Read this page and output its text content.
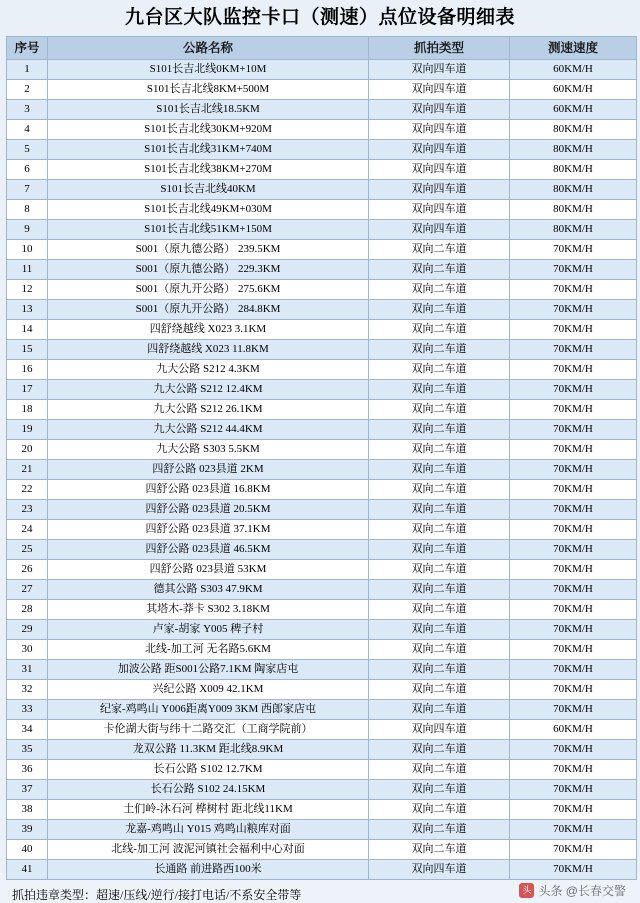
九台区大队监控卡口（测速）点位设备明细表
序号	公路名称	抓拍类型	测速速度
1	S101长吉北线0KM+10M	双向四车道	60KM/H
2	S101长吉北线8KM+500M	双向四车道	60KM/H
3	S101长吉北线18.5KM	双向四车道	60KM/H
4	S101长吉北线30KM+920M	双向四车道	80KM/H
5	S101长吉北线31KM+740M	双向四车道	80KM/H
6	S101长吉北线38KM+270M	双向四车道	80KM/H
7	S101长吉北线40KM	双向四车道	80KM/H
8	S101长吉北线49KM+030M	双向四车道	80KM/H
9	S101长吉北线51KM+150M	双向四车道	80KM/H
10	S001（原九德公路） 239.5KM	双向二车道	70KM/H
11	S001（原九德公路） 229.3KM	双向二车道	70KM/H
12	S001（原九开公路） 275.6KM	双向二车道	70KM/H
13	S001（原九开公路） 284.8KM	双向二车道	70KM/H
14	四舒绕越线 X023 3.1KM	双向二车道	70KM/H
15	四舒绕越线 X023 11.8KM	双向二车道	70KM/H
16	九大公路 S212 4.3KM	双向二车道	70KM/H
17	九大公路 S212 12.4KM	双向二车道	70KM/H
18	九大公路 S212 26.1KM	双向二车道	70KM/H
19	九大公路 S212 44.4KM	双向二车道	70KM/H
20	九大公路 S303 5.5KM	双向二车道	70KM/H
21	四舒公路 023县道 2KM	双向二车道	70KM/H
22	四舒公路 023县道 16.8KM	双向二车道	70KM/H
23	四舒公路 023县道 20.5KM	双向二车道	70KM/H
24	四舒公路 023县道 37.1KM	双向二车道	70KM/H
25	四舒公路 023县道 46.5KM	双向二车道	70KM/H
26	四舒公路 023县道 53KM	双向二车道	70KM/H
27	德其公路 S303 47.9KM	双向二车道	70KM/H
28	其塔木-莽卡 S302 3.18KM	双向二车道	70KM/H
29	卢家-胡家 Y005 稗子村	双向二车道	70KM/H
30	北线-加工河 无名路5.6KM	双向二车道	70KM/H
31	加波公路 距S001公路7.1KM 陶家店屯	双向二车道	70KM/H
32	兴纪公路 X009 42.1KM	双向二车道	70KM/H
33	纪家-鸡鸣山 Y006距离Y009 3KM 西郎家店屯	双向二车道	70KM/H
34	卡伦湖大街与纬十二路交汇（工商学院前）	双向四车道	60KM/H
35	龙双公路 11.3KM 距北线8.9KM	双向二车道	70KM/H
36	长石公路 S102 12.7KM	双向二车道	70KM/H
37	长石公路 S102 24.15KM	双向二车道	70KM/H
38	土们岭-沐石河 桦树村 距北线11KM	双向二车道	70KM/H
39	龙嘉-鸡鸣山 Y015 鸡鸣山粮库对面	双向二车道	70KM/H
40	北线-加工河 波泥河镇社会福利中心对面	双向二车道	70KM/H
41	长通路 前进路西100米	双向四车道	70KM/H
抓拍违章类型：超速/压线/逆行/接打电话/不系安全带等	头 头条 @长春交警
